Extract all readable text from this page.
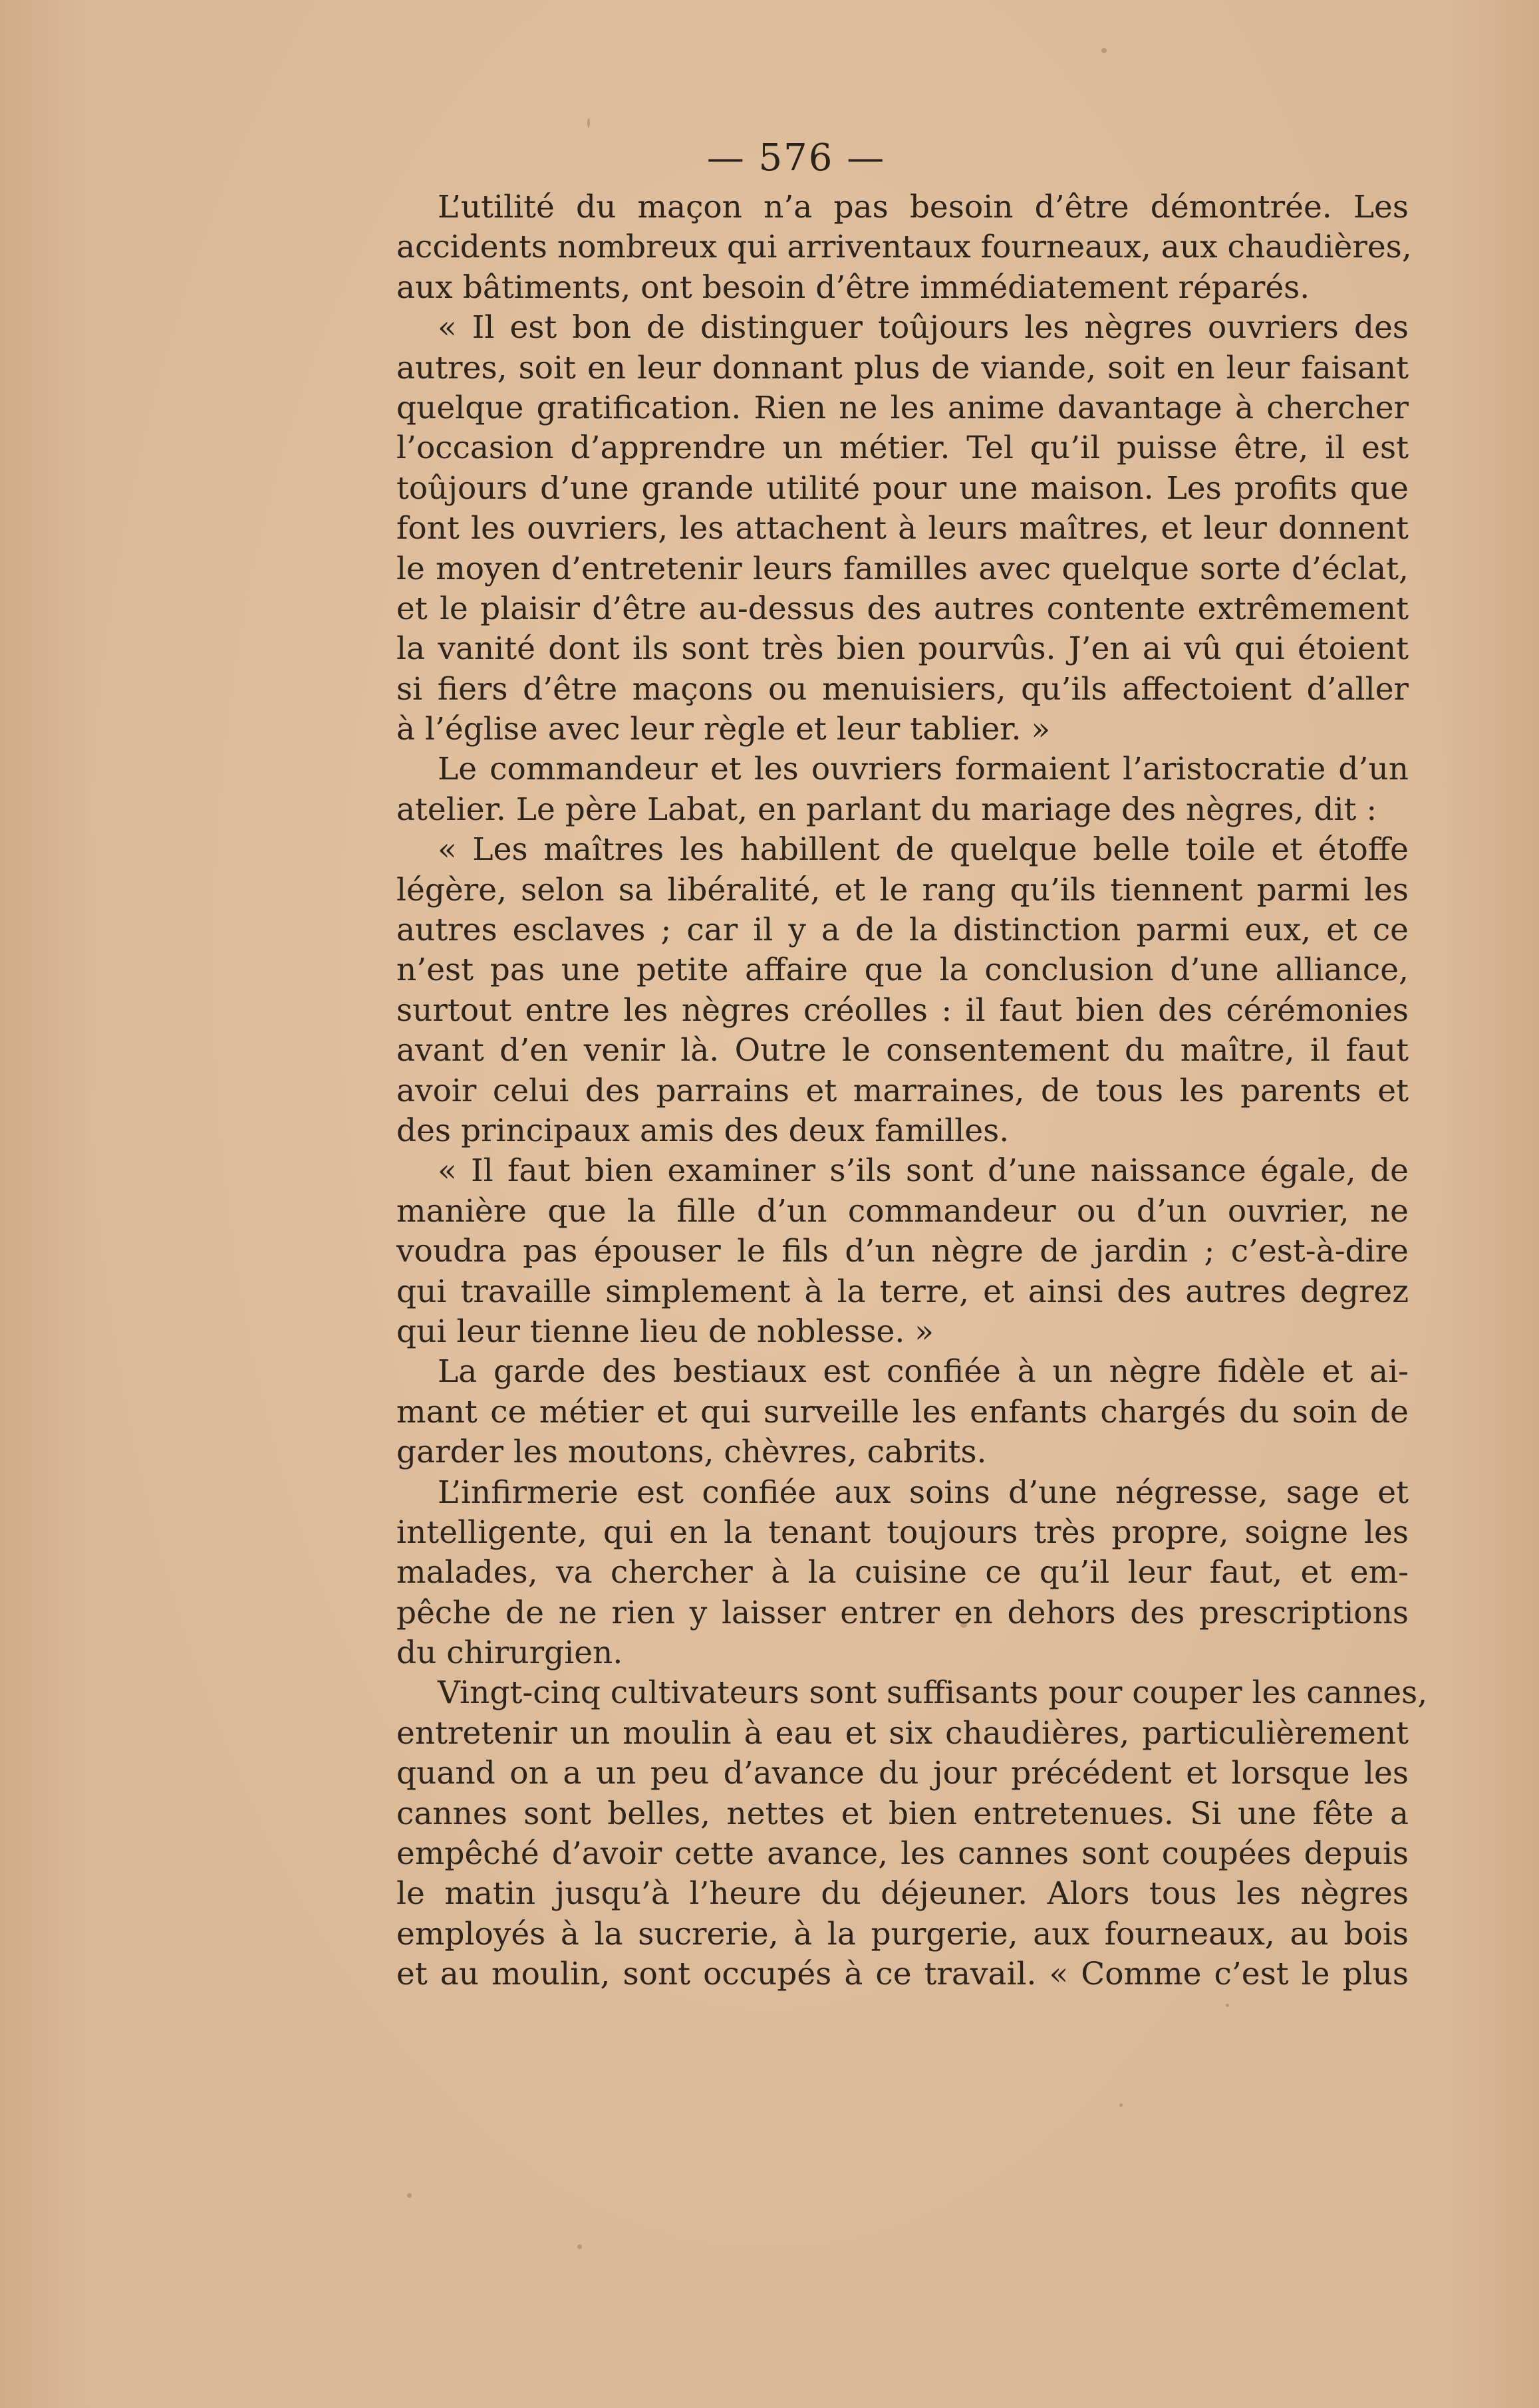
— 576 —
L’utilité du maçon n’a pas besoin d’être démontrée. Les
accidents nombreux qui arriventaux fourneaux, aux chaudières,
aux bâtiments, ont besoin d’être immédiatement réparés.
« Il est bon de distinguer toûjours les nègres ouvriers des
autres, soit en leur donnant plus de viande, soit en leur faisant
quelque gratification. Rien ne les anime davantage à chercher
l’occasion d’apprendre un métier. Tel qu’il puisse être, il est
toûjours d’une grande utilité pour une maison. Les profits que
font les ouvriers, les attachent à leurs maîtres, et leur donnent
le moyen d’entretenir leurs familles avec quelque sorte d’éclat,
et le plaisir d’être au-dessus des autres contente extrêmement
la vanité dont ils sont très bien pourvûs. J’en ai vû qui étoient
si fiers d’être maçons ou menuisiers, qu’ils affectoient d’aller
à l’église avec leur règle et leur tablier. »
Le commandeur et les ouvriers formaient l’aristocratie d’un
atelier. Le père Labat, en parlant du mariage des nègres, dit :
« Les maîtres les habillent de quelque belle toile et étoffe
légère, selon sa libéralité, et le rang qu’ils tiennent parmi les
autres esclaves ; car il y a de la distinction parmi eux, et ce
n’est pas une petite affaire que la conclusion d’une alliance,
surtout entre les nègres créolles : il faut bien des cérémonies
avant d’en venir là. Outre le consentement du maître, il faut
avoir celui des parrains et marraines, de tous les parents et
des principaux amis des deux familles.
« Il faut bien examiner s’ils sont d’une naissance égale, de
manière que la fille d’un commandeur ou d’un ouvrier, ne
voudra pas épouser le fils d’un nègre de jardin ; c’est-à-dire
qui travaille simplement à la terre, et ainsi des autres degrez
qui leur tienne lieu de noblesse. »
La garde des bestiaux est confiée à un nègre fidèle et ai-
mant ce métier et qui surveille les enfants chargés du soin de
garder les moutons, chèvres, cabrits.
L’infirmerie est confiée aux soins d’une négresse, sage et
intelligente, qui en la tenant toujours très propre, soigne les
malades, va chercher à la cuisine ce qu’il leur faut, et em-
pêche de ne rien y laisser entrer en dehors des prescriptions
du chirurgien.
Vingt-cinq cultivateurs sont suffisants pour couper les cannes,
entretenir un moulin à eau et six chaudières, particulièrement
quand on a un peu d’avance du jour précédent et lorsque les
cannes sont belles, nettes et bien entretenues. Si une fête a
empêché d’avoir cette avance, les cannes sont coupées depuis
le matin jusqu’à l’heure du déjeuner. Alors tous les nègres
employés à la sucrerie, à la purgerie, aux fourneaux, au bois
et au moulin, sont occupés à ce travail. « Comme c’est le plus
